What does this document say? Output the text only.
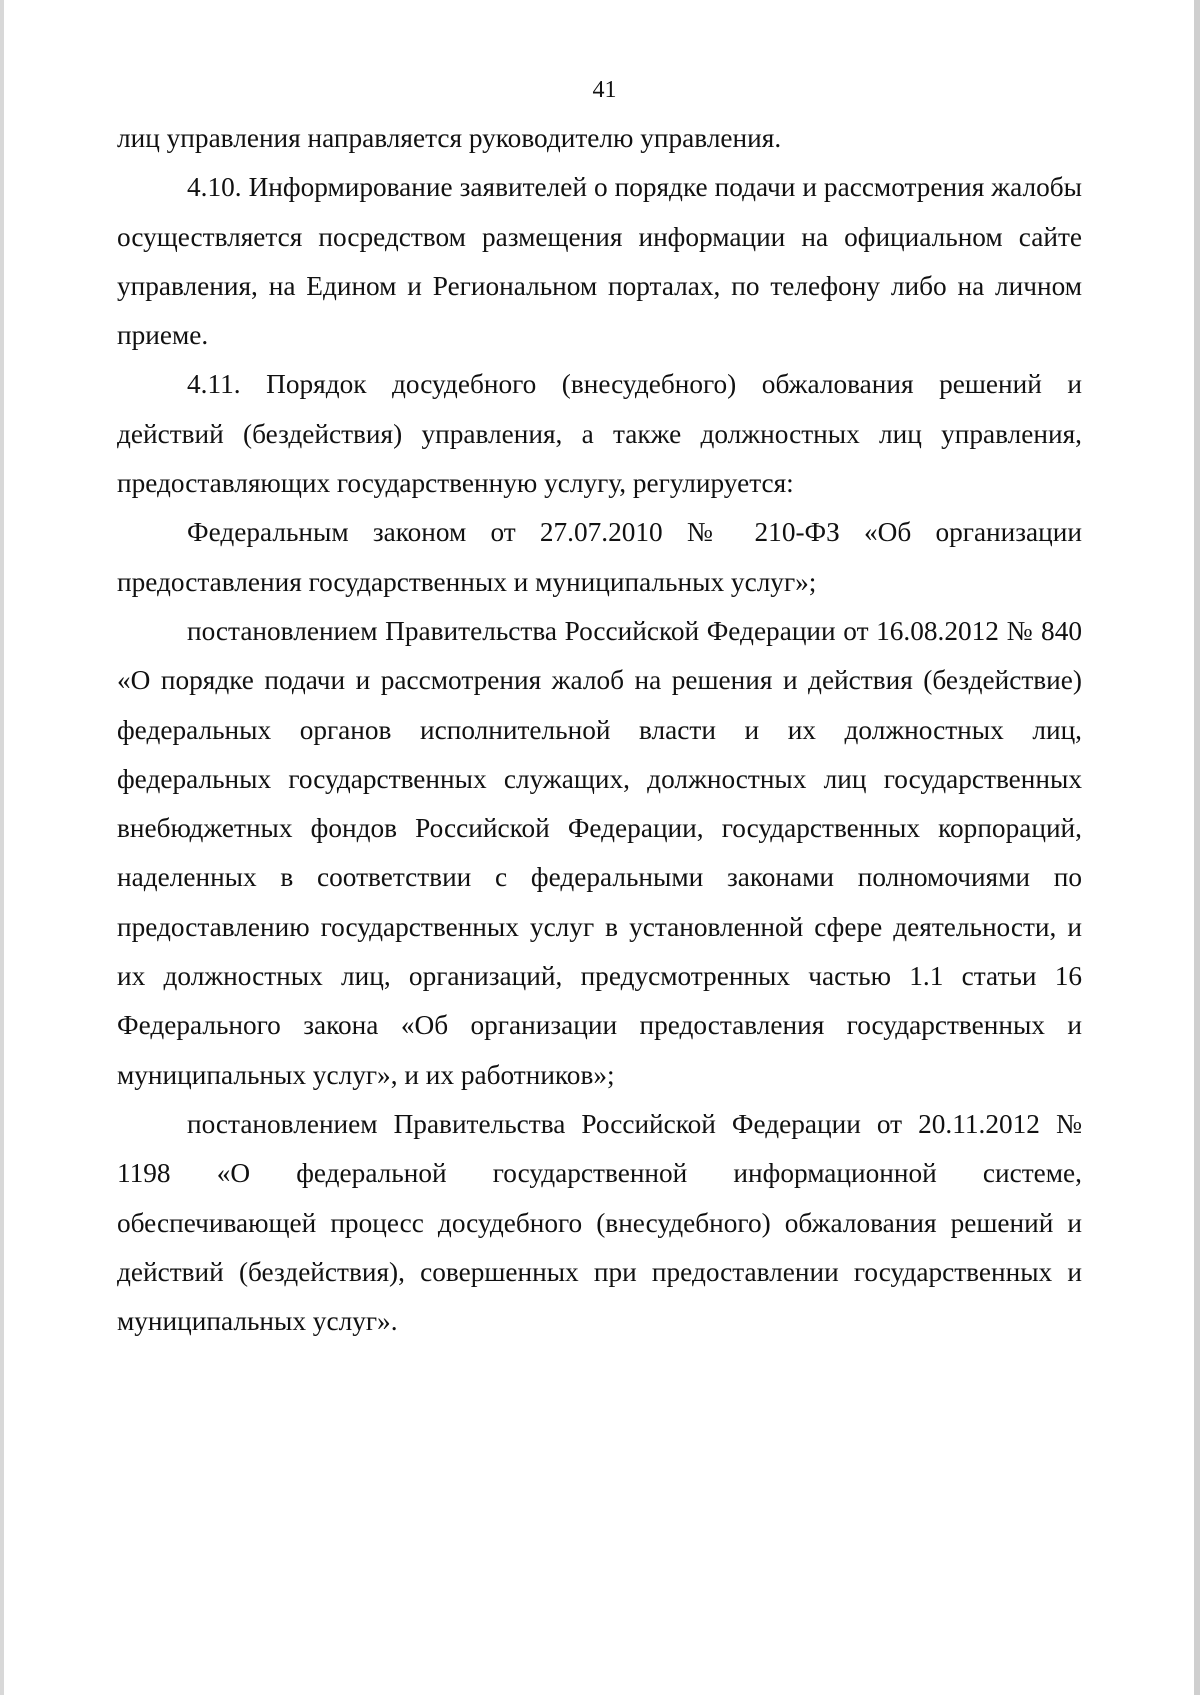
41

лиц управления направляется руководителю управления.

4.10. Информирование заявителей о порядке подачи и рассмотрения жалобы осуществляется посредством размещения информации на официальном сайте управления, на Едином и Региональном порталах, по телефону либо на личном приеме.

4.11. Порядок досудебного (внесудебного) обжалования решений и действий (бездействия) управления, а также должностных лиц управления, предоставляющих государственную услугу, регулируется:

Федеральным законом от 27.07.2010 № 210-ФЗ «Об организации предоставления государственных и муниципальных услуг»;

постановлением Правительства Российской Федерации от 16.08.2012 № 840 «О порядке подачи и рассмотрения жалоб на решения и действия (бездействие) федеральных органов исполнительной власти и их должностных лиц, федеральных государственных служащих, должностных лиц государственных внебюджетных фондов Российской Федерации, государственных корпораций, наделенных в соответствии с федеральными законами полномочиями по предоставлению государственных услуг в установленной сфере деятельности, и их должностных лиц, организаций, предусмотренных частью 1.1 статьи 16 Федерального закона «Об организации предоставления государственных и муниципальных услуг», и их работников»;

постановлением Правительства Российской Федерации от 20.11.2012 № 1198 «О федеральной государственной информационной системе, обеспечивающей процесс досудебного (внесудебного) обжалования решений и действий (бездействия), совершенных при предоставлении государственных и муниципальных услуг».
